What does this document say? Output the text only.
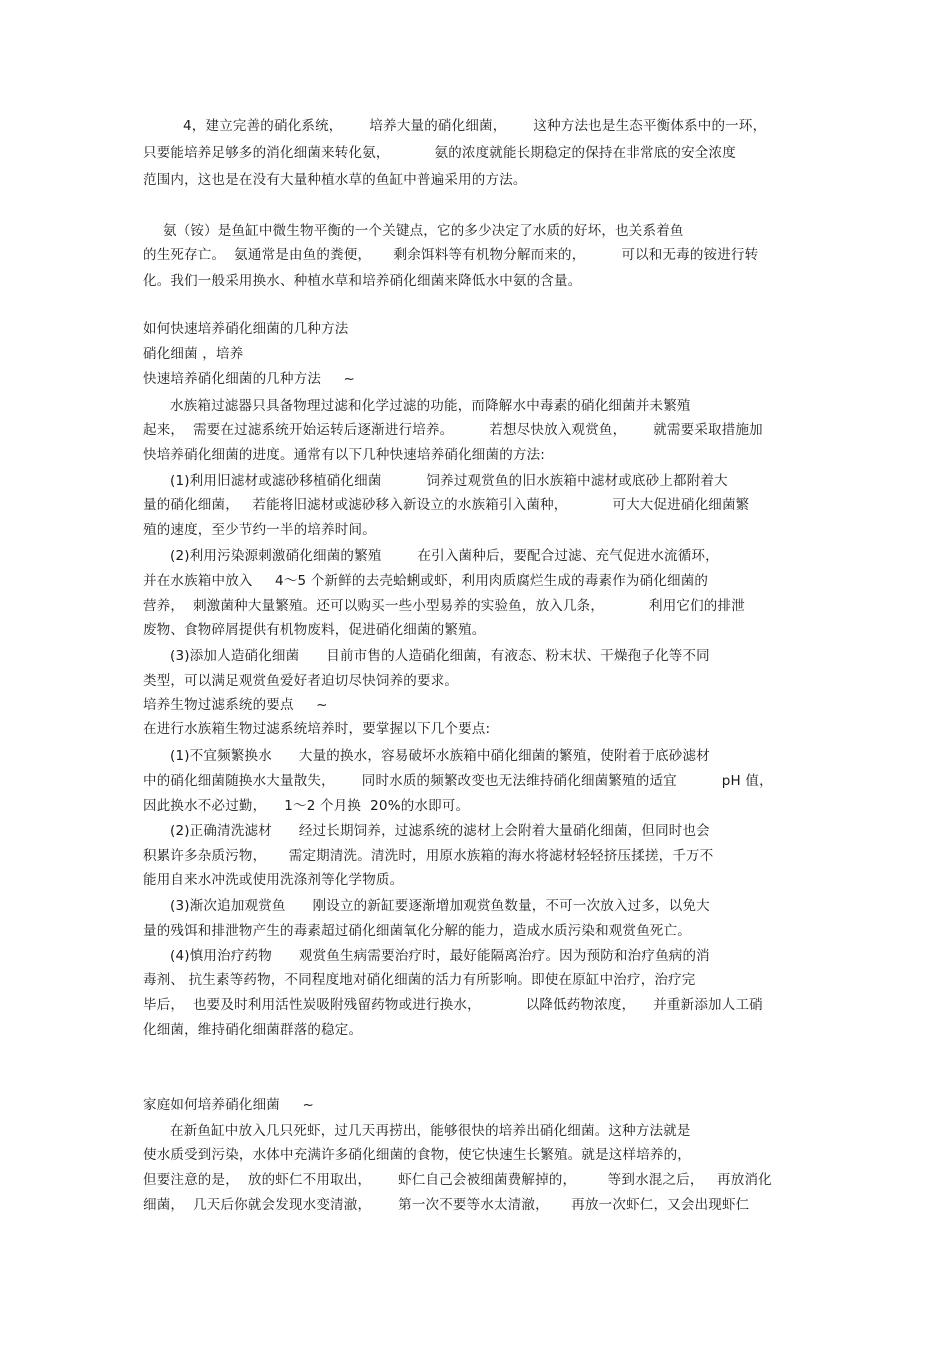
4，建立完善的硝化系统，      培养大量的硝化细菌，      这种方法也是生态平衡体系中的一环，
只要能培养足够多的消化细菌来转化氨，          氨的浓度就能长期稳定的保持在非常底的安全浓度
范围内，这也是在没有大量种植水草的鱼缸中普遍采用的方法。
氨（铵）是鱼缸中微生物平衡的一个关键点，它的多少决定了水质的好坏，也关系着鱼
的生死存亡。  氨通常是由鱼的粪便，     剩余饵料等有机物分解而来的，        可以和无毒的铵进行转
化。我们一般采用换水、种植水草和培养硝化细菌来降低水中氨的含量。
如何快速培养硝化细菌的几种方法
硝化细菌 ，培养
快速培养硝化细菌的几种方法     ~
水族箱过滤器只具备物理过滤和化学过滤的功能，而降解水中毒素的硝化细菌并未繁殖
起来，  需要在过滤系统开始运转后逐渐进行培养。        若想尽快放入观赏鱼，      就需要采取措施加
快培养硝化细菌的进度。通常有以下几种快速培养硝化细菌的方法:
(1)利用旧滤材或滤砂移植硝化细菌          饲养过观赏鱼的旧水族箱中滤材或底砂上都附着大
量的硝化细菌，   若能将旧滤材或滤砂移入新设立的水族箱引入菌种，          可大大促进硝化细菌繁
殖的速度，至少节约一半的培养时间。
(2)利用污染源刺激硝化细菌的繁殖        在引入菌种后，要配合过滤、充气促进水流循环，
并在水族箱中放入     4～5 个新鲜的去壳蛤蜊或虾，利用肉质腐烂生成的毒素作为硝化细菌的
营养，  刺激菌种大量繁殖。还可以购买一些小型易养的实验鱼，放入几条，          利用它们的排泄
废物、食物碎屑提供有机物废料，促进硝化细菌的繁殖。
(3)添加人造硝化细菌      目前市售的人造硝化细菌，有液态、粉末状、干燥孢子化等不同
类型，可以满足观赏鱼爱好者迫切尽快饲养的要求。
培养生物过滤系统的要点     ~
在进行水族箱生物过滤系统培养时，要掌握以下几个要点:
(1)不宜频繁换水      大量的换水，容易破坏水族箱中硝化细菌的繁殖，使附着于底砂滤材
中的硝化细菌随换水大量散失，      同时水质的频繁改变也无法维持硝化细菌繁殖的适宜          pH 值，
因此换水不必过勤，    1～2 个月换  20%的水即可。
(2)正确清洗滤材      经过长期饲养，过滤系统的滤材上会附着大量硝化细菌，但同时也会
积累许多杂质污物，     需定期清洗。清洗时，用原水族箱的海水将滤材轻轻挤压揉搓，千万不
能用自来水冲洗或使用洗涤剂等化学物质。
(3)渐次追加观赏鱼      刚设立的新缸要逐渐增加观赏鱼数量，不可一次放入过多，以免大
量的残饵和排泄物产生的毒素超过硝化细菌氧化分解的能力，造成水质污染和观赏鱼死亡。
(4)慎用治疗药物      观赏鱼生病需要治疗时，最好能隔离治疗。因为预防和治疗鱼病的消
毒剂、 抗生素等药物，不同程度地对硝化细菌的活力有所影响。即使在原缸中治疗，治疗完
毕后，  也要及时利用活性炭吸附残留药物或进行换水，          以降低药物浓度，    并重新添加人工硝
化细菌，维持硝化细菌群落的稳定。
家庭如何培养硝化细菌     ~
在新鱼缸中放入几只死虾，过几天再捞出，能够很快的培养出硝化细菌。这种方法就是
使水质受到污染，水体中充满许多硝化细菌的食物，使它快速生长繁殖。就是这样培养的，
但要注意的是，  放的虾仁不用取出，      虾仁自己会被细菌费解掉的，       等到水混之后，   再放消化
细菌，  几天后你就会发现水变清澈，      第一次不要等水太清澈，     再放一次虾仁，又会出现虾仁
